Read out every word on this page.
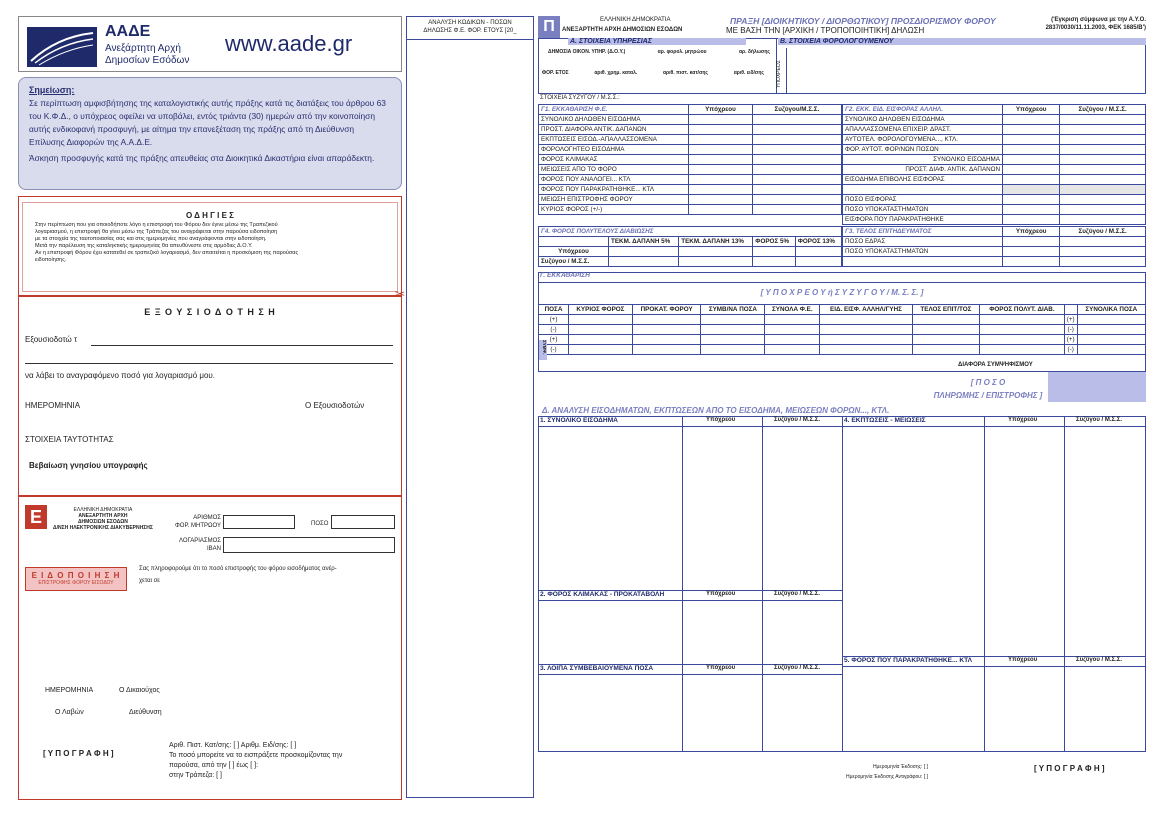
ΑΑΔΕ
Ανεξάρτητη Αρχή
Δημοσίων Εσόδων
www.aade.gr
Σημείωση:
Σε περίπτωση αμφισβήτησης της καταλογιστικής αυτής πράξης κατά τις διατάξεις του άρθρου 63 του Κ.Φ.Δ., ο υπόχρεος οφείλει να υποβάλει, εντός τριάντα (30) ημερών από την κοινοποίηση αυτής ενδικοφανή προσφυγή, με αίτημα την επανεξέταση της πράξης από τη Διεύθυνση Επίλυσης Διαφορών της Α.Α.Δ.Ε.
Άσκηση προσφυγής κατά της πράξης απευθείας στα Διοικητικά Δικαστήρια είναι απαράδεκτη.
Ο Δ Η Γ Ι Ε Σ
Στην περίπτωση που για οποιοδήποτε λόγο η επιστροφή του Φόρου δεν έγινε μέσω της Τραπεζικού
λογαριασμού, η επιστροφή θα γίνει μέσω της Τράπεζας του αναγράφεται στην παρούσα ειδοποίηση
με τα στοιχεία της ταυτοποιασίας σας και στις ημερομηνίες που αναγράφονται στην ειδοποίηση.
Μετά την παρέλευση της καταληκτικής ημερομηνίας θα απευθύνεστε στις αρμόδιες Δ.Ο.Υ.
Αν η επιστροφή Φόρου έχει κατατεθεί σε τραπεζικό λογαριασμό, δεν απαιτείται η προσκόμιση της παρούσας
ειδοποίησης.
✂
Ε Ξ Ο Υ Σ Ι Ο Δ Ο Τ Η Σ Η
Εξουσιοδοτώ τ
να λάβει το αναγραφόμενο ποσό για λογαριασμό μου.
ΗΜΕΡΟΜΗΝΙΑ	Ο Εξουσιοδοτών
ΣΤΟΙΧΕΙΑ ΤΑΥΤΟΤΗΤΑΣ
Βεβαίωση γνησίου υπογραφής
Ε	ΕΛΛΗΝΙΚΗ ΔΗΜΟΚΡΑΤΙΑ
ΑΝΕΞΑΡΤΗΤΗ ΑΡΧΗ
ΔΗΜΟΣΙΩΝ ΕΣΟΔΩΝ
Δ/ΝΣΗ ΗΛΕΚΤΡΟΝΙΚΗΣ ΔΙΑΚΥΒΕΡΝΗΣΗΣ
ΑΡΙΘΜΟΣ
ΦΟΡ. ΜΗΤΡΩΟΥ	ΠΟΣΟ
ΛΟΓΑΡΙΑΣΜΟΣ
IBAN
Ε Ι Δ Ο Π Ο Ι Η Σ Η
ΕΠΙΣΤΡΟΦΗΣ ΦΟΡΟΥ ΕΙΣΟΔΟΥ
Σας πληροφορούμε ότι το ποσό επιστροφής του φόρου εισοδήματος ανέρ-
χεται σε
ΗΜΕΡΟΜΗΝΙΑ	Ο Δικαιούχος
Ο Λαβών	Διεύθυνση
[ Υ Π Ο Γ Ρ Α Φ Η ]
Αριθ. Πιστ. Κατ/σης: [ ] Αριθμ. Ειδ/σης: [ ]
Το ποσό μπορείτε να το εισπράξετε προσκομίζοντας την
παρούσα, από την [ ] έως [ ]:
στην Τράπεζα: [ ]
ΑΝΑΛΥΣΗ ΚΩΔΙΚΩΝ - ΠΟΣΩΝ
ΔΗΛΩΣΗΣ Φ.Ε. ΦΟΡ. ΕΤΟΥΣ [20_	Π	ΕΛΛΗΝΙΚΗ ΔΗΜΟΚΡΑΤΙΑ
ΑΝΕΞΑΡΤΗΤΗ ΑΡΧΗ ΔΗΜΟΣΙΩΝ ΕΣΟΔΩΝ
ΠΡΑΞΗ [ΔΙΟΙΚΗΤΙΚΟΥ / ΔΙΟΡΘΩΤΙΚΟΥ] ΠΡΟΣΔΙΟΡΙΣΜΟΥ ΦΟΡΟΥ
ΜΕ ΒΑΣΗ ΤΗΝ [ΑΡΧΙΚΗ / ΤΡΟΠΟΠΟΙΗΤΙΚΗ] ΔΗΛΩΣΗ
('Εγκριση σύμφωνα με την Α.Υ.Ο.
2837/0030/11.11.2003, ΦΕΚ 1685/Β')
Α. ΣΤΟΙΧΕΙΑ ΥΠΗΡΕΣΙΑΣ	Β. ΣΤΟΙΧΕΙΑ ΦΟΡΟΛΟΓΟΥΜΕΝΟΥ
ΔΗΜΟΣΙΑ ΟΙΚΟΝ. ΥΠΗΡ. (Δ.Ο.Υ.)	αρ. φορολ. μητρώου	αρ. δήλωσης
ΦΟΡ. ΕΤΟΣ	αριθ. χρημ. καταλ.	αριθ. πιστ. κατ/σης	αριθ. ειδ/σης ΥΠΟΧΡΕΟΣ
ΣΤΟΙΧΕΙΑ ΣΥΖΥΓΟΥ / Μ.Σ.Σ.:
Γ1. ΕΚΚΑΘΑΡΙΣΗ Φ.Ε.	Υπόχρεου	Συζύγου/Μ.Σ.Σ.
ΣΥΝΟΛΙΚΟ ΔΗΛΩΘΕΝ ΕΙΣΟΔΗΜΑ		
ΠΡΟΣΤ. ΔΙΑΦΟΡΑ ΑΝΤΙΚ. ΔΑΠΑΝΩΝ		
ΕΚΠΤΩΣΕΙΣ ΕΙΣΟΔ.-ΑΠΑΛΛΑΣΣΟΜΕΝΑ		
ΦΟΡΟΛΟΓΗΤΕΟ ΕΙΣΟΔΗΜΑ		
ΦΟΡΟΣ ΚΛΙΜΑΚΑΣ		
ΜΕΙΩΣΕΙΣ ΑΠΟ ΤΟ ΦΟΡΟ		
ΦΟΡΟΣ ΠΟΥ ΑΝΑΛΟΓΕΙ... ΚΤΛ		
ΦΟΡΟΣ ΠΟΥ ΠΑΡΑΚΡΑΤΗΘΗΚΕ... ΚΤΛ		
ΜΕΙΩΣΗ ΕΠΙΣΤΡΟΦΗΣ ΦΟΡΟΥ		
ΚΥΡΙΟΣ ΦΟΡΟΣ (+/-)		
Γ2. ΕΚΚ. ΕΙΔ. ΕΙΣΦΟΡΑΣ ΑΛΛΗΛ.	Υπόχρεου	Συζύγου / Μ.Σ.Σ.
ΣΥΝΟΛΙΚΟ ΔΗΛΩΘΕΝ ΕΙΣΟΔΗΜΑ		
ΑΠΑΛΛΑΣΣΟΜΕΝΑ ΕΠΙΧΕΙΡ. ΔΡΑΣΤ.		
ΑΥΤΟΤΕΛ. ΦΟΡΟΛΟΓΟΥΜΕΝΑ..., ΚΤΛ.		
ΦΟΡ. ΑΥΤΟΤ. ΦΟΡ/ΝΩΝ ΠΟΣΩΝ		
ΣΥΝΟΛΙΚΟ ΕΙΣΟΔΗΜΑ		
ΠΡΟΣΤ. ΔΙΑΦ. ΑΝΤΙΚ. ΔΑΠΑΝΩΝ		
ΕΙΣΟΔΗΜΑ ΕΠΙΒΟΛΗΣ ΕΙΣΦΟΡΑΣ		

ΠΟΣΟ ΕΙΣΦΟΡΑΣ		
ΠΟΣΟ ΥΠΟΚΑΤΑΣΤΗΜΑΤΩΝ		
ΕΙΣΦΟΡΑ ΠΟΥ ΠΑΡΑΚΡΑΤΗΘΗΚΕ		
Γ4. ΦΟΡΟΣ ΠΟΛΥΤΕΛΟΥΣ ΔΙΑΒΙΩΣΗΣ				
	ΤΕΚΜ. ΔΑΠΑΝΗ 5%	ΤΕΚΜ. ΔΑΠΑΝΗ 13%	ΦΟΡΟΣ 5%	ΦΟΡΟΣ 13%
Υπόχρεου				
Συζύγου / Μ.Σ.Σ.				
Γ3. ΤΕΛΟΣ ΕΠΙΤΗΔΕΥΜΑΤΟΣ	Υπόχρεου	Συζύγου / Μ.Σ.Σ.
ΠΟΣΟ ΕΔΡΑΣ		
ΠΟΣΟ ΥΠΟΚΑΤΑΣΤΗΜΑΤΩΝ		

Γ. ΕΚΚΑΘΑΡΙΣΗ
[ Υ Π Ο Χ Ρ Ε Ο Υ ή Σ Υ Ζ Υ Γ Ο Υ / Μ. Σ. Σ. ]
ΠΟΣΑ	ΚΥΡΙΟΣ ΦΟΡΟΣ	ΠΡΟΚΑΤ. ΦΟΡΟΥ	ΣΥΜΒ/ΝΑ ΠΟΣΑ	ΣΥΝΟΛΑ Φ.Ε.	ΕΙΔ. ΕΙΣΦ. ΑΛΛΗΛ/ΓΥΗΣ	ΤΕΛΟΣ ΕΠΙΤ/ΤΟΣ	ΦΟΡΟΣ ΠΟΛΥΤ. ΔΙΑΒ.		ΣΥΝΟΛΙΚΑ ΠΟΣΑ
(+)								(+)	
(-)								(-)	
(+)								(+)	
(-)								(-)	
ΣΥΜΨ.
ΔΙΑΦΟΡΑ ΣΥΜΨΗΦΙΣΜΟΥ
[ Π Ο Σ Ο
ΠΛΗΡΩΜΗΣ / ΕΠΙΣΤΡΟΦΗΣ ]
Δ. ΑΝΑΛΥΣΗ ΕΙΣΟΔΗΜΑΤΩΝ, ΕΚΠΤΩΣΕΩΝ ΑΠΟ ΤΟ ΕΙΣΟΔΗΜΑ, ΜΕΙΩΣΕΩΝ ΦΟΡΩΝ..., ΚΤΛ.
1. ΣΥΝΟΛΙΚΟ ΕΙΣΟΔΗΜΑ	Υπόχρεου	Συζύγου / Μ.Σ.Σ.	4. ΕΚΠΤΩΣΕΙΣ - ΜΕΙΩΣΕΙΣ	Υπόχρεου	Συζύγου / Μ.Σ.Σ.
2. ΦΟΡΟΣ ΚΛΙΜΑΚΑΣ - ΠΡΟΚΑΤΑΒΟΛΗ	Υπόχρεου	Συζύγου / Μ.Σ.Σ.
3. ΛΟΙΠΑ ΣΥΜΒΕΒΑΙΟΥΜΕΝΑ ΠΟΣΑ	Υπόχρεου	Συζύγου / Μ.Σ.Σ.
5. ΦΟΡΟΣ ΠΟΥ ΠΑΡΑΚΡΑΤΗΘΗΚΕ... ΚΤΛ	Υπόχρεου	Συζύγου / Μ.Σ.Σ.
Ημερομηνία Έκδοσης: [ ]
Ημερομηνία Έκδοσης Αντιγράφου: [ ]
[ Υ Π Ο Γ Ρ Α Φ Η ]
